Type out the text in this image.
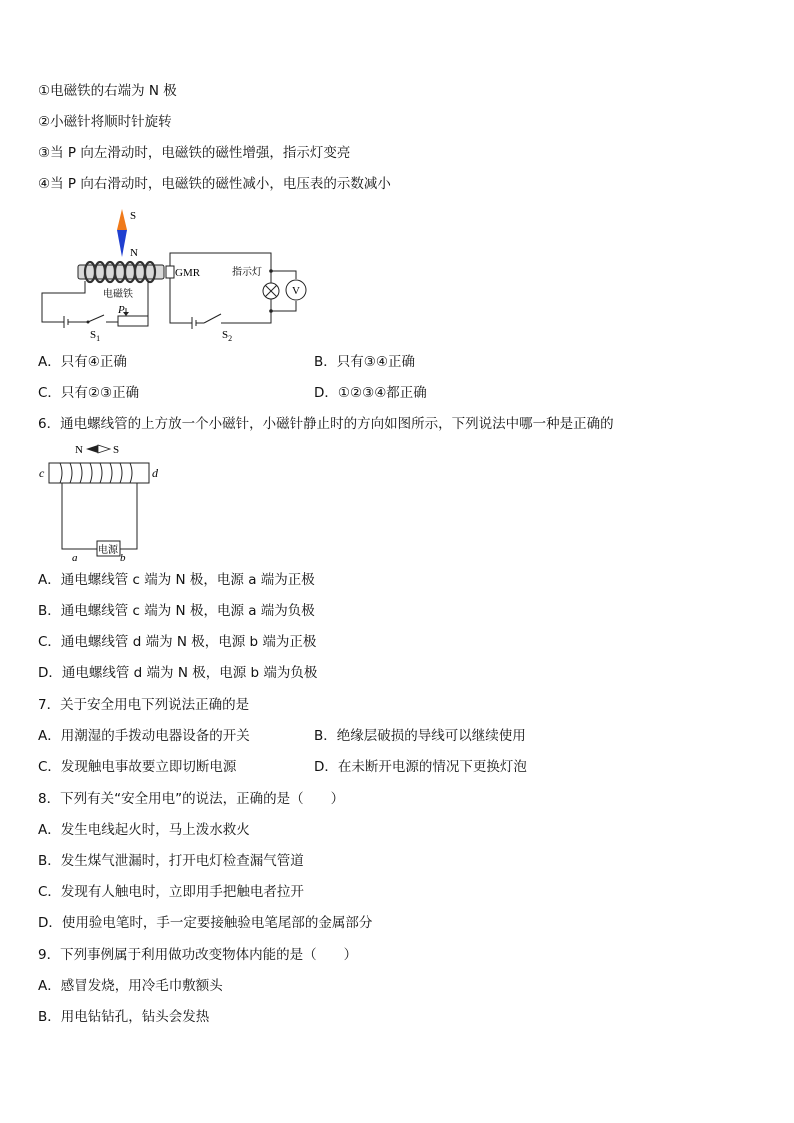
①电磁铁的右端为 N 极
②小磁针将顺时针旋转
③当 P 向左滑动时，电磁铁的磁性增强，指示灯变亮
④当 P 向右滑动时，电磁铁的磁性减小，电压表的示数减小
S
N
电磁铁
P
$S_1$
GMR	指示灯
V
$S_2$
A．只有④正确	B．只有③④正确
C．只有②③正确	D．①②③④都正确
6．通电螺线管的上方放一个小磁针，小磁针静止时的方向如图所示，下列说法中哪一种是正确的
N	S
c	d
电源
a	b
A．通电螺线管 c 端为 N 极，电源 a 端为正极
B．通电螺线管 c 端为 N 极，电源 a 端为负极
C．通电螺线管 d 端为 N 极，电源 b 端为正极
D．通电螺线管 d 端为 N 极，电源 b 端为负极
7．关于安全用电下列说法正确的是
A．用潮湿的手拨动电器设备的开关	B．绝缘层破损的导线可以继续使用
C．发现触电事故要立即切断电源	D．在未断开电源的情况下更换灯泡
8．下列有关“安全用电”的说法，正确的是（　　）
A．发生电线起火时，马上泼水救火
B．发生煤气泄漏时，打开电灯检查漏气管道
C．发现有人触电时，立即用手把触电者拉开
D．使用验电笔时，手一定要接触验电笔尾部的金属部分
9．下列事例属于利用做功改变物体内能的是（　　）
A．感冒发烧，用冷毛巾敷额头
B．用电钻钻孔，钻头会发热
